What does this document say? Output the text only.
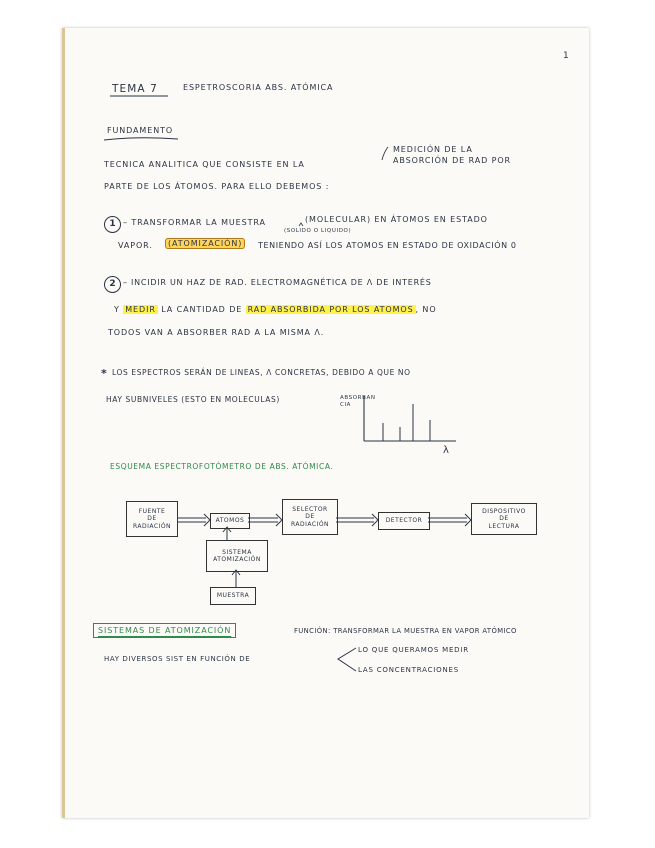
1
TEMA 7	ESPETROSCORIA ABS. ATÓMICA
FUNDAMENTO
MEDICIÓN DE LA
TECNICA ANALITICA QUE CONSISTE EN LA	ABSORCIÓN DE RAD POR
PARTE DE LOS ÁTOMOS. PARA ELLO DEBEMOS :
1 – TRANSFORMAR LA MUESTRA	(MOLECULAR) EN ÁTOMOS EN ESTADO
(SOLIDO O LIQUIDO)
VAPOR.	(ATOMIZACIÓN)	TENIENDO ASÍ LOS ATOMOS EN ESTADO DE OXIDACIÓN 0
2 – INCIDIR UN HAZ DE RAD. ELECTROMAGNÉTICA DE Λ DE INTERÉS
Y MEDIR LA CANTIDAD DE RAD ABSORBIDA POR LOS ATOMOS , NO
TODOS VAN A ABSORBER RAD A LA MISMA Λ.
* LOS ESPECTROS SERÁN DE LINEAS, Λ CONCRETAS, DEBIDO A QUE NO
HAY SUBNIVELES (ESTO EN MOLECULAS)	ABSORBAN CIA
λ
ESQUEMA ESPECTROFOTÓMETRO DE ABS. ATÓMICA.
FUENTE
DE
RADIACIÓN
ATOMOS
SELECTOR
DE
RADIACIÓN	DETECTOR
DISPOSITIVO
DE
LECTURA
SISTEMA
ATOMIZACIÓN
MUESTRA
SISTEMAS DE ATOMIZACIÓN	FUNCIÓN: TRANSFORMAR LA MUESTRA EN VAPOR ATÓMICO
HAY DIVERSOS SIST EN FUNCIÓN DE
LO QUE QUERAMOS MEDIR
LAS CONCENTRACIONES
